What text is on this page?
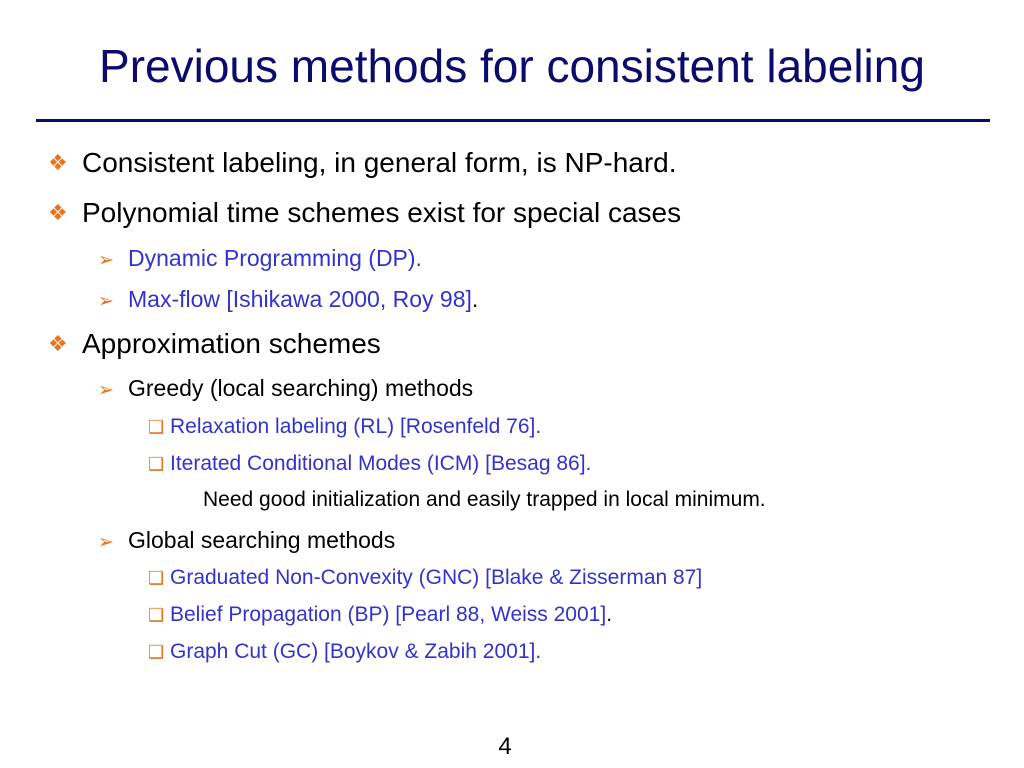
Previous methods for consistent labeling
❖ Consistent labeling, in general form, is NP-hard.
❖ Polynomial time schemes exist for special cases
➢ Dynamic Programming (DP).
➢ Max-flow [Ishikawa 2000, Roy 98].
❖ Approximation schemes
➢ Greedy (local searching) methods
❑ Relaxation labeling (RL) [Rosenfeld 76].
❑ Iterated Conditional Modes (ICM) [Besag 86].
Need good initialization and easily trapped in local minimum.
➢ Global searching methods
❑ Graduated Non-Convexity (GNC) [Blake & Zisserman 87]
❑ Belief Propagation (BP) [Pearl 88, Weiss 2001].
❑ Graph Cut (GC) [Boykov & Zabih 2001].
4
